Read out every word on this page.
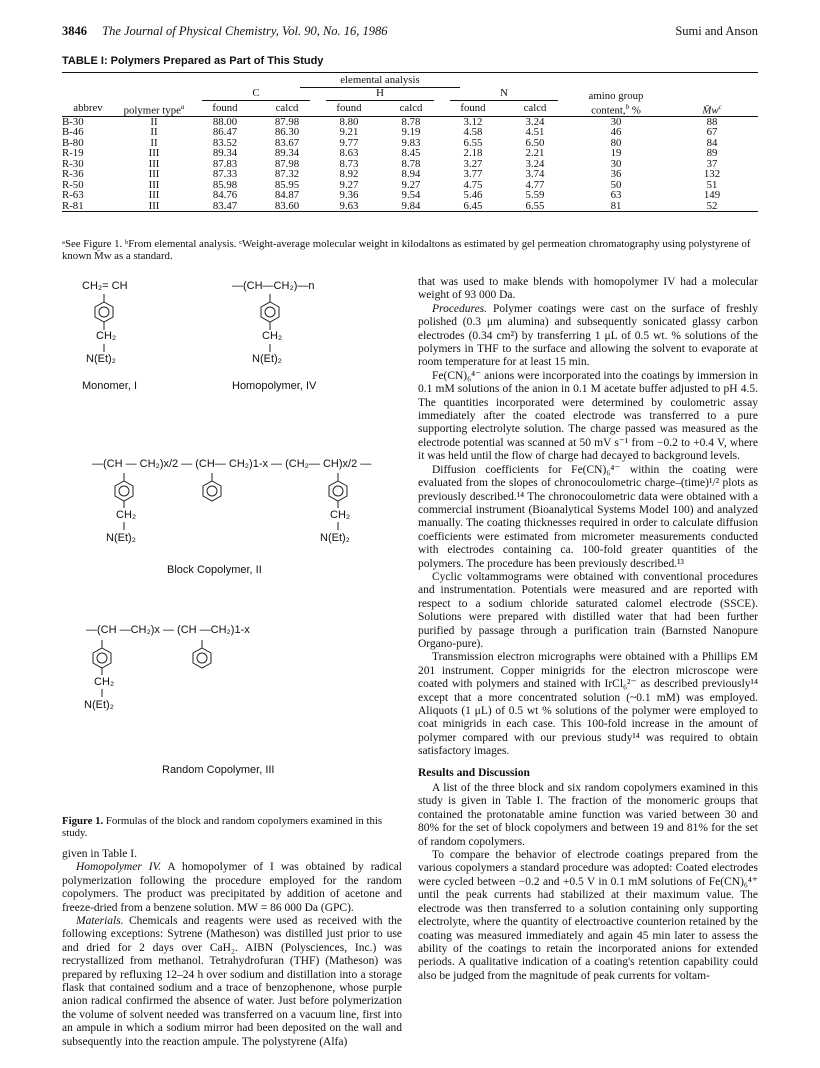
3846 The Journal of Physical Chemistry, Vol. 90, No. 16, 1986	Sumi and Anson
TABLE I: Polymers Prepared as Part of This Study

		elemental analysis							
		C		H		N		amino group	
abbrev	polymer type$^a$	found	calcd	found	calcd	found	calcd	content,$^b$ %	$M̄w^c$

B-30	II	88.00	87.98	8.80	8.78	3.12	3.24	30	88
B-46	II	86.47	86.30	9.21	9.19	4.58	4.51	46	67
B-80	II	83.52	83.67	9.77	9.83	6.55	6.50	80	84
R-19	III	89.34	89.34	8.63	8.45	2.18	2.21	19	89
R-30	III	87.83	87.98	8.73	8.78	3.27	3.24	30	37
R-36	III	87.33	87.32	8.92	8.94	3.77	3.74	36	132
R-50	III	85.98	85.95	9.27	9.27	4.75	4.77	50	51
R-63	III	84.76	84.87	9.36	9.54	5.46	5.59	63	149
R-81	III	83.47	83.60	9.63	9.84	6.45	6.55	81	52

ᵃSee Figure 1. ᵇFrom elemental analysis. ᶜWeight-average molecular weight in kilodaltons as estimated by gel permeation chromatography using polystyrene of known M̄w as a standard.
CH₂= CH
CH₂
N(Et)₂
—(CH—CH₂)—n
CH₂
N(Et)₂
Monomer, I	Homopolymer, IV
—(CH — CH₂)x/2 — (CH— CH₂)1-x — (CH₂— CH)x/2 —
CH₂
N(Et)₂
CH₂
N(Et)₂
Block Copolymer, II
—(CH —CH₂)x — (CH —CH₂)1-x
CH₂
N(Et)₂
Random Copolymer, III
Figure 1. Formulas of the block and random copolymers examined in this study.

given in Table I.

Homopolymer IV. A homopolymer of I was obtained by radical polymerization following the procedure employed for the random copolymers. The product was precipitated by addition of acetone and freeze-dried from a benzene solution. MW = 86 000 Da (GPC).

Materials. Chemicals and reagents were used as received with the following exceptions: Sytrene (Matheson) was distilled just prior to use and dried for 2 days over CaH₂. AIBN (Polysciences, Inc.) was recrystallized from methanol. Tetrahydrofuran (THF) (Matheson) was prepared by refluxing 12–24 h over sodium and distillation into a storage flask that contained sodium and a trace of benzophenone, whose purple anion radical confirmed the absence of water. Just before polymerization the volume of solvent needed was transferred on a vacuum line, first into an ampule in which a sodium mirror had been deposited on the wall and subsequently into the reaction ampule. The polystyrene (Alfa)

that was used to make blends with homopolymer IV had a molecular weight of 93 000 Da.

Procedures. Polymer coatings were cast on the surface of freshly polished (0.3 μm alumina) and subsequently sonicated glassy carbon electrodes (0.34 cm²) by transferring 1 μL of 0.5 wt. % solutions of the polymers in THF to the surface and allowing the solvent to evaporate at room temperature for at least 15 min.

Fe(CN)₆⁴⁻ anions were incorporated into the coatings by immersion in 0.1 mM solutions of the anion in 0.1 M acetate buffer adjusted to pH 4.5. The quantities incorporated were determined by coulometric assay immediately after the coated electrode was transferred to a pure supporting electrolyte solution. The charge passed was measured as the electrode potential was scanned at 50 mV s⁻¹ from −0.2 to +0.4 V, where it was held until the flow of charge had decayed to background levels.

Diffusion coefficients for Fe(CN)₆⁴⁻ within the coating were evaluated from the slopes of chronocoulometric charge–(time)¹/² plots as previously described.¹⁴ The chronocoulometric data were obtained with a commercial instrument (Bioanalytical Systems Model 100) and analyzed manually. The coating thicknesses required in order to calculate diffusion coefficients were estimated from micrometer measurements conducted with electrodes containing ca. 100-fold greater quantities of the polymers. The procedure has been previously described.¹³

Cyclic voltammograms were obtained with conventional procedures and instrumentation. Potentials were measured and are reported with respect to a sodium chloride saturated calomel electrode (SSCE). Solutions were prepared with distilled water that had been further purified by passage through a purification train (Barnsted Nanopure Organo-pure).

Transmission electron micrographs were obtained with a Phillips EM 201 instrument. Copper minigrids for the electron microscope were coated with polymers and stained with IrCl₆²⁻ as described previously¹⁴ except that a more concentrated solution (~0.1 mM) was employed. Aliquots (1 μL) of 0.5 wt % solutions of the polymer were employed to coat minigrids in each case. This 100-fold increase in the amount of polymer compared with our previous study¹⁴ was required to obtain satisfactory images.

Results and Discussion

A list of the three block and six random copolymers examined in this study is given in Table I. The fraction of the monomeric groups that contained the protonatable amine function was varied between 30 and 80% for the set of block copolymers and between 19 and 81% for the set of random copolymers.

To compare the behavior of electrode coatings prepared from the various copolymers a standard procedure was adopted: Coated electrodes were cycled between −0.2 and +0.5 V in 0.1 mM solutions of Fe(CN)₆⁴⁺ until the peak currents had stabilized at their maximum value. The electrode was then transferred to a solution containing only supporting electrolyte, where the quantity of electroactive counterion retained by the coating was measured immediately and again 45 min later to assess the ability of the coatings to retain the incorporated anions for extended periods. A qualitative indication of a coating's retention capability could also be judged from the magnitude of peak currents for voltam-
